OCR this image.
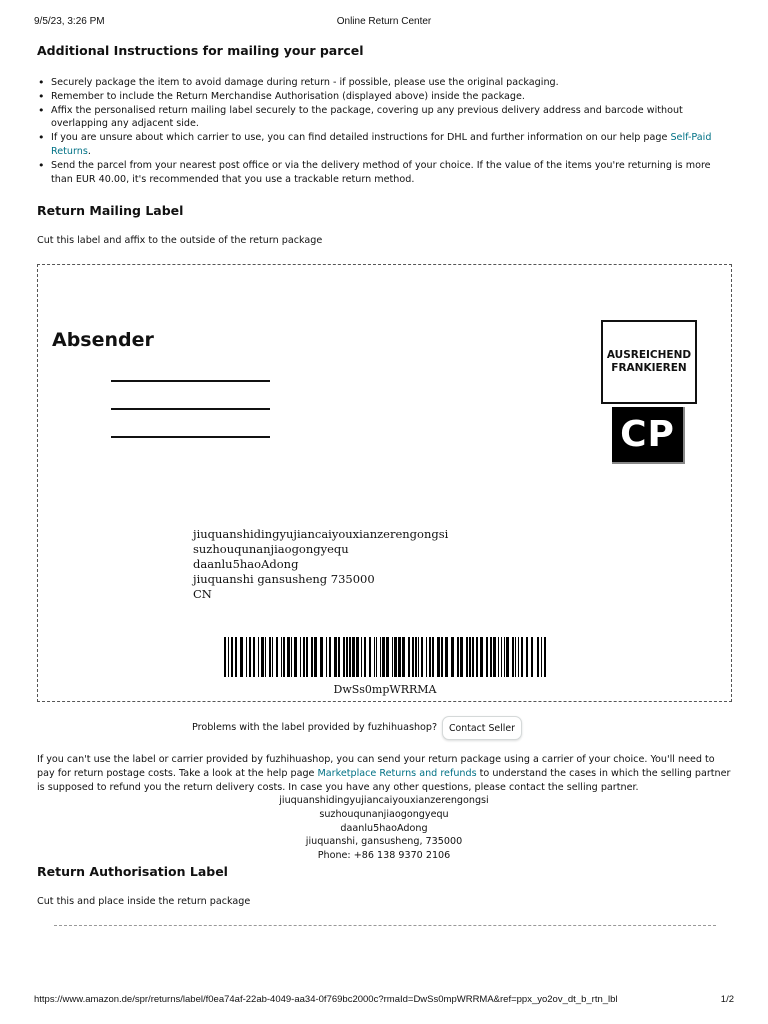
9/5/23, 3:26 PM	Online Return Center
Additional Instructions for mailing your parcel
• Securely package the item to avoid damage during return - if possible, please use the original packaging.
• Remember to include the Return Merchandise Authorisation (displayed above) inside the package.
• Affix the personalised return mailing label securely to the package, covering up any previous delivery address and barcode without overlapping any adjacent side.
• If you are unsure about which carrier to use, you can find detailed instructions for DHL and further information on our help page Self-Paid Returns.
• Send the parcel from your nearest post office or via the delivery method of your choice. If the value of the items you're returning is more than EUR 40.00, it's recommended that you use a trackable return method.
Return Mailing Label
Cut this label and affix to the outside of the return package
Absender
AUSREICHEND
FRANKIEREN
CP
jiuquanshidingyujiancaiyouxianzerengongsi
suzhouqunanjiaogongyequ
daanlu5haoAdong
jiuquanshi gansusheng 735000
CN
DwSs0mpWRRMA
Problems with the label provided by fuzhihuashop?	Contact Seller
If you can't use the label or carrier provided by fuzhihuashop, you can send your return package using a carrier of your choice. You'll need to pay for return postage costs. Take a look at the help page Marketplace Returns and refunds to understand the cases in which the selling partner is supposed to refund you the return delivery costs. In case you have any other questions, please contact the selling partner.
jiuquanshidingyujiancaiyouxianzerengongsi
suzhouqunanjiaogongyequ
daanlu5haoAdong
jiuquanshi, gansusheng, 735000
Phone: +86 138 9370 2106
Return Authorisation Label
Cut this and place inside the return package
https://www.amazon.de/spr/returns/label/f0ea74af-22ab-4049-aa34-0f769bc2000c?rmaId=DwSs0mpWRRMA&ref=ppx_yo2ov_dt_b_rtn_lbl	1/2
